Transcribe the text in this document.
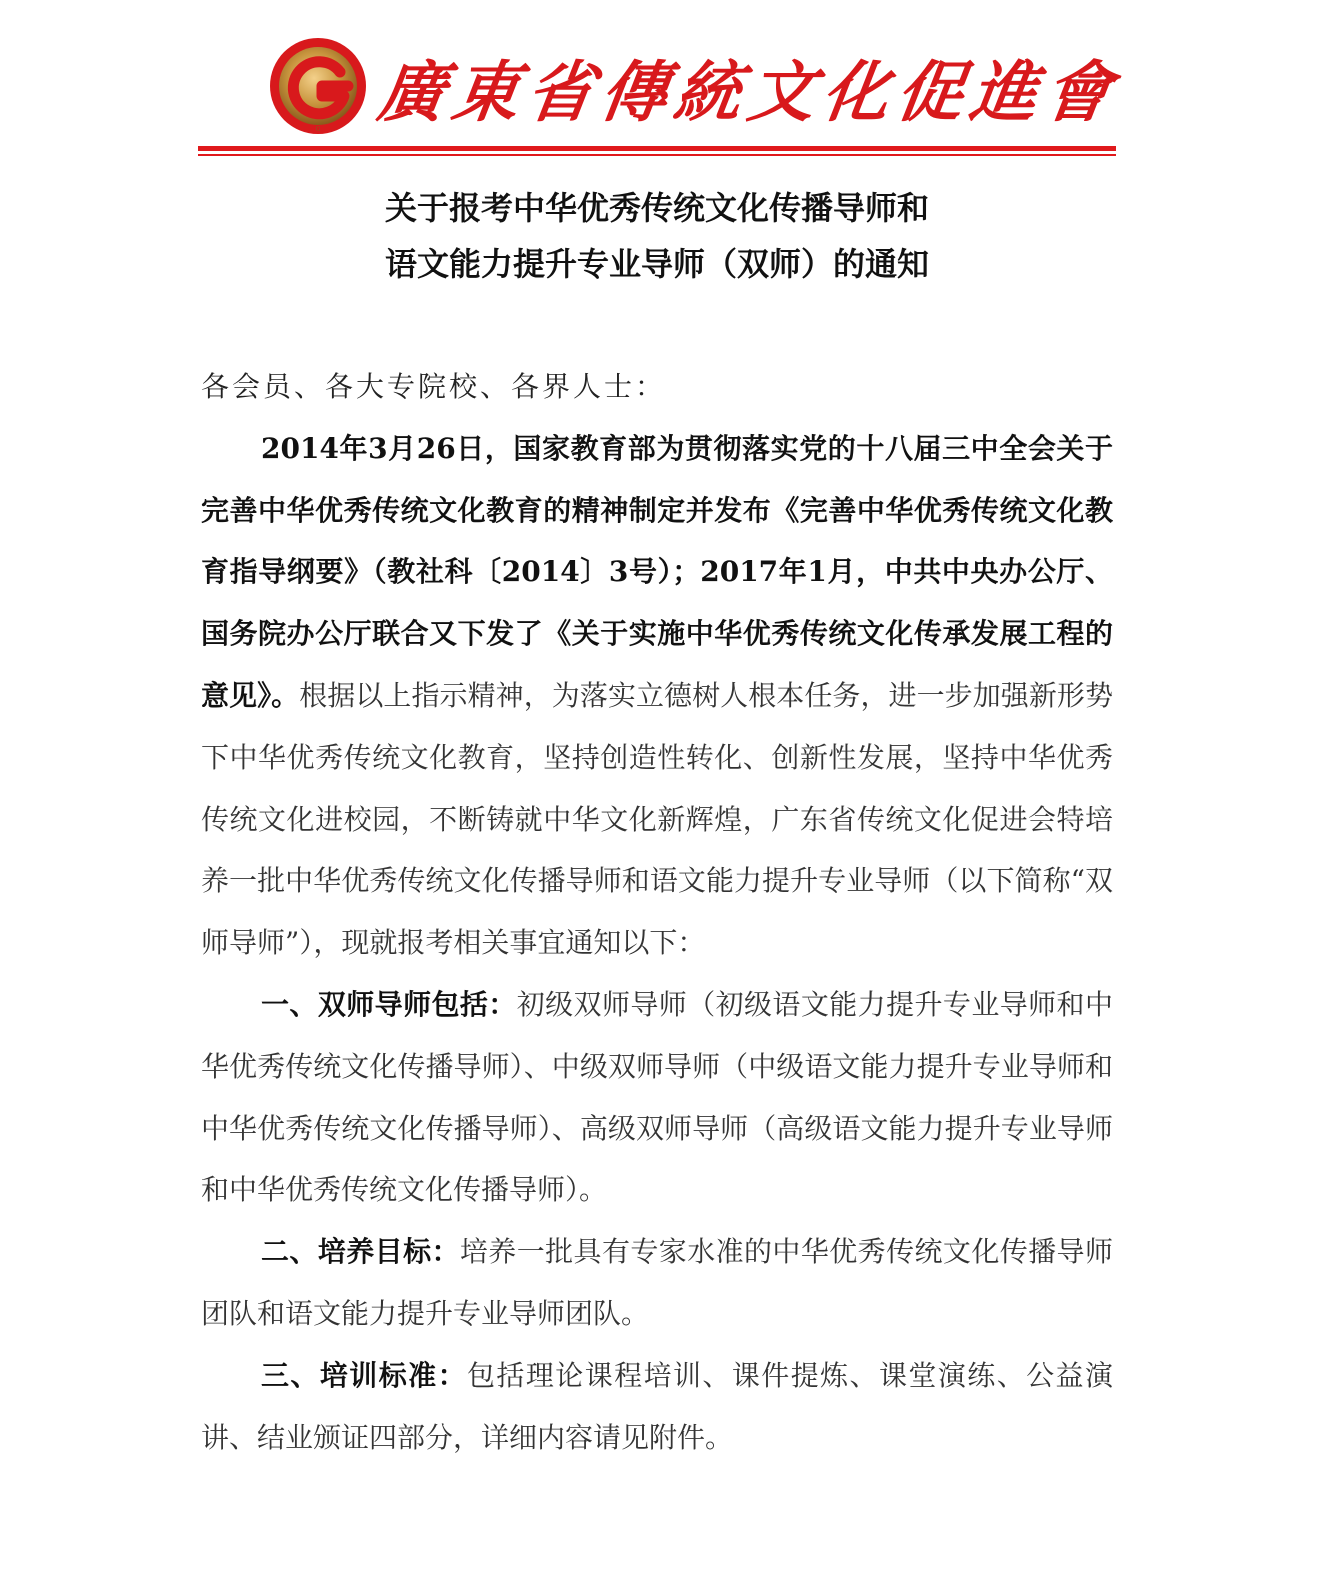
G 廣
東
省
傳
統
文
化
促
進
會
关于报考中华优秀传统文化传播导师和
语文能力提升专业导师（双师）的通知

各会员、各大专院校、各界人士：

2014年3月26日，国家教育部为贯彻落实党的十八届三中全会关于完善中华优秀传统文化教育的精神制定并发布《完善中华优秀传统文化教育指导纲要》（教社科〔2014〕3号）；2017年1月，中共中央办公厅、国务院办公厅联合又下发了《关于实施中华优秀传统文化传承发展工程的意见》。根据以上指示精神，为落实立德树人根本任务，进一步加强新形势下中华优秀传统文化教育，坚持创造性转化、创新性发展，坚持中华优秀传统文化进校园，不断铸就中华文化新辉煌，广东省传统文化促进会特培养一批中华优秀传统文化传播导师和语文能力提升专业导师（以下简称“双师导师”），现就报考相关事宜通知以下：

一、双师导师包括：初级双师导师（初级语文能力提升专业导师和中华优秀传统文化传播导师）、中级双师导师（中级语文能力提升专业导师和中华优秀传统文化传播导师）、高级双师导师（高级语文能力提升专业导师和中华优秀传统文化传播导师）。

二、培养目标：培养一批具有专家水准的中华优秀传统文化传播导师团队和语文能力提升专业导师团队。

三、培训标准：包括理论课程培训、课件提炼、课堂演练、公益演讲、结业颁证四部分，详细内容请见附件。
